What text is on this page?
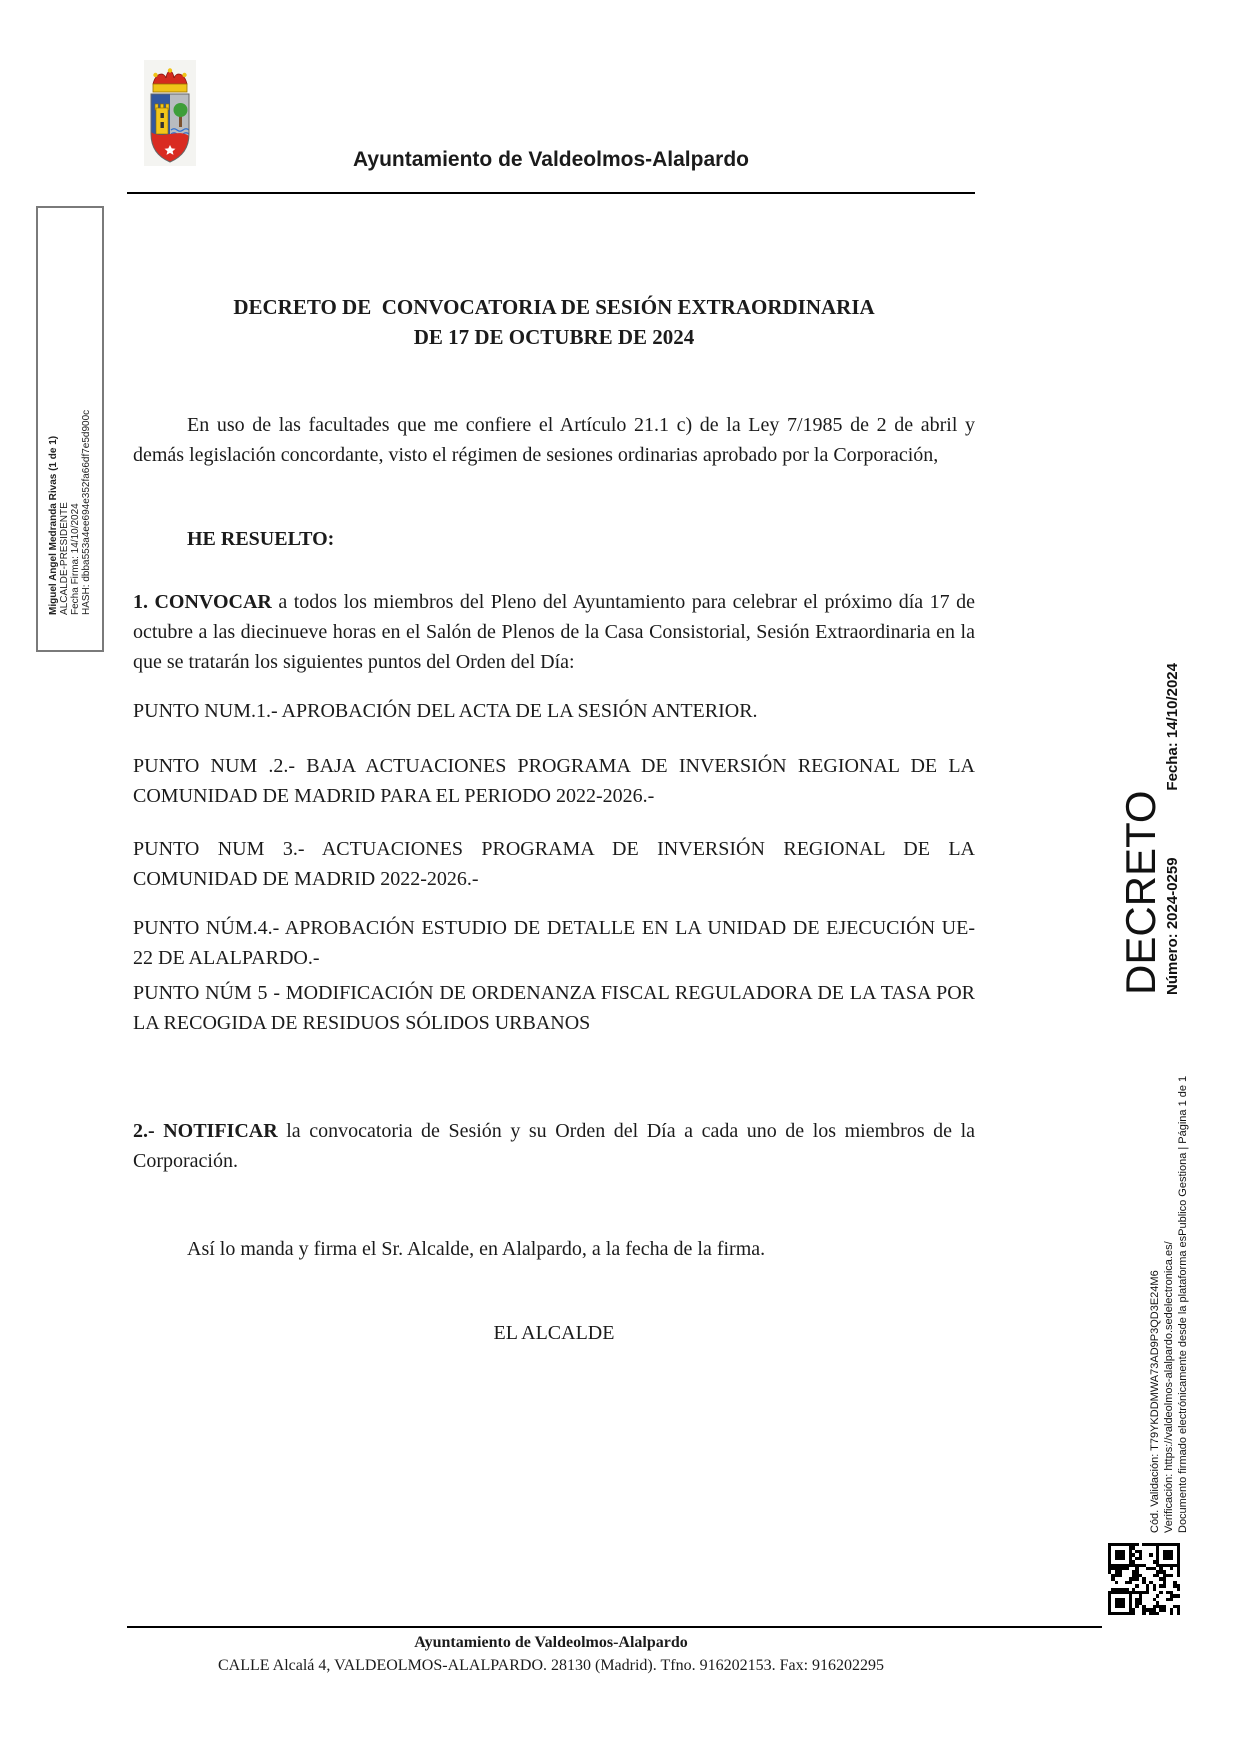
Ayuntamiento de Valdeolmos-Alalpardo
Miguel Angel Medranda Rivas (1 de 1) ALCALDE-PRESIDENTE Fecha Firma: 14/10/2024 HASH: dbba553a4ee694e352fa66df7e5d900c
DECRETO DE  CONVOCATORIA DE SESIÓN EXTRAORDINARIA
DE 17 DE OCTUBRE DE 2024

En uso de las facultades que me confiere el Artículo 21.1 c) de la Ley 7/1985 de 2 de abril y demás legislación concordante, visto el régimen de sesiones ordinarias aprobado por la Corporación,

HE RESUELTO:

1. CONVOCAR a todos los miembros del Pleno del Ayuntamiento para celebrar el próximo día 17 de octubre a las diecinueve horas en el Salón de Plenos de la Casa Consistorial, Sesión Extraordinaria en la que se tratarán los siguientes puntos del Orden del Día:

PUNTO NUM.1.- APROBACIÓN DEL ACTA DE LA SESIÓN ANTERIOR.

PUNTO NUM .2.- BAJA ACTUACIONES PROGRAMA DE INVERSIÓN REGIONAL DE LA COMUNIDAD DE MADRID PARA EL PERIODO 2022-2026.-

PUNTO NUM 3.- ACTUACIONES PROGRAMA DE INVERSIÓN REGIONAL DE LA COMUNIDAD DE MADRID 2022-2026.-

PUNTO NÚM.4.- APROBACIÓN ESTUDIO DE DETALLE EN LA UNIDAD DE EJECUCIÓN UE-22 DE ALALPARDO.-

PUNTO NÚM 5 - MODIFICACIÓN DE ORDENANZA FISCAL REGULADORA DE LA TASA POR LA RECOGIDA DE RESIDUOS SÓLIDOS URBANOS

2.- NOTIFICAR la convocatoria de Sesión y su Orden del Día a cada uno de los miembros de la Corporación.

Así lo manda y firma el Sr. Alcalde, en Alalpardo, a la fecha de la firma.

EL ALCALDE

DECRETO Número: 2024-0259
Fecha: 14/10/2024
Cód. Validación: T79YKDDMWA73AD9P3QD3E24M6 Verificación: https://valdeolmos-alalpardo.sedelectronica.es/ Documento firmado electrónicamente desde la plataforma esPublico Gestiona | Página 1 de 1
Ayuntamiento de Valdeolmos-Alalpardo
CALLE Alcalá 4, VALDEOLMOS-ALALPARDO. 28130 (Madrid). Tfno. 916202153. Fax: 916202295
